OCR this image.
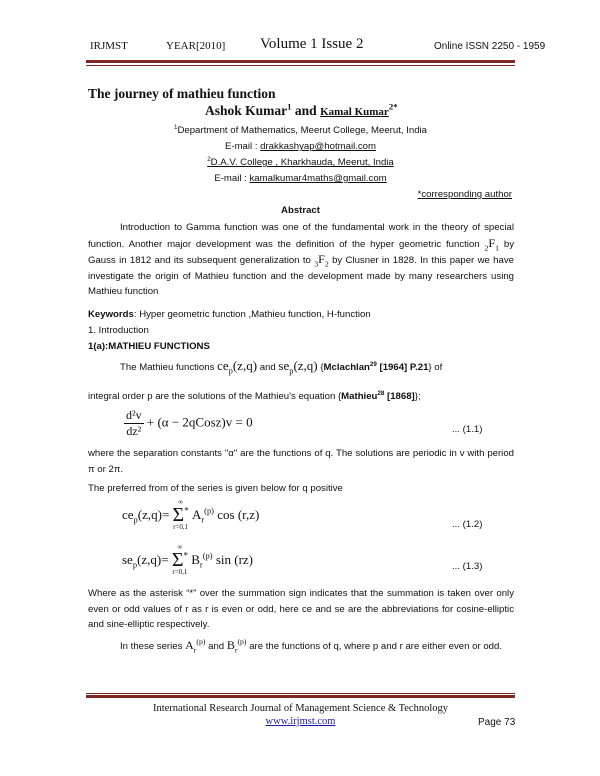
IRJMST	YEAR[2010] Volume 1 Issue 2	Online ISSN 2250 - 1959
The journey of mathieu function
Ashok Kumar$^1$ and Kamal Kumar$^{2*}$
$^1$Department of Mathematics, Meerut College, Meerut, India
E-mail : drakkashyap@hotmail.com
$^2$D.A.V. College , Kharkhauda, Meerut, India
E-mail : kamalkumar4maths@gmail.com
*corresponding author
Abstract
Introduction to Gamma function was one of the fundamental work in the theory of special function. Another major development was the definition of the hyper geometric function $_2F_1$ by Gauss in 1812 and its subsequent generalization to $_3F_2$ by Clusner in 1828. In this paper we have investigate the origin of Mathieu function and the development made by many researchers using Mathieu function
Keywords: Hyper geometric function ,Mathieu function, H-function
1. Introduction
1(a):MATHIEU FUNCTIONS
The Mathieu functions $ce_p(z,q)$ and $se_p(z,q)$ {Mclachlan$^{29}$ [1964] P.21} of
integral order p are the solutions of the Mathieu’s equation {Mathieu$^{28}$ [1868]};
$\frac{\text{d²v}}{\text{dz²}} + (\alpha$ − 2qCosz)v = 0
... (1.1)
where the separation constants "α" are the functions of q. The solutions are periodic in v with period π or 2π.
The preferred from of the series is given below for q positive
$ce_p(z,q)=$
∞
Σ*
r=0,1
$A_r^{(p)}$ cos (r,z)
... (1.2)
$se_p(z,q)=$
∞
Σ*
r=0,1
$B_r^{(p)}$ sin (rz)	... (1.3)
Where as the asterisk “*” over the summation sign indicates that the summation is taken over only even or odd values of r as r is even or odd, here ce and se are the abbreviations for cosine-elliptic and sine-elliptic respectively.
In these series $A_r^{(p)}$ and $B_r^{(p)}$ are the functions of q, where p and r are either even or odd.
International Research Journal of Management Science & Technology
www.irjmst.com	Page 73
